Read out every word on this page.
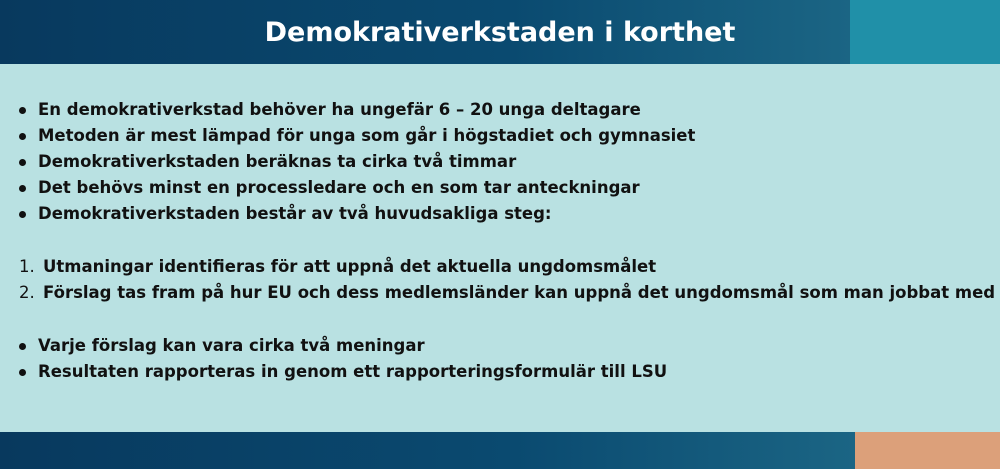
Demokrativerkstaden i korthet
En demokrativerkstad behöver ha ungefär 6 – 20 unga deltagare
Metoden är mest lämpad för unga som går i högstadiet och gymnasiet
Demokrativerkstaden beräknas ta cirka två timmar
Det behövs minst en processledare och en som tar anteckningar
Demokrativerkstaden består av två huvudsakliga steg:
1. Utmaningar identifieras för att uppnå det aktuella ungdomsmålet
2. Förslag tas fram på hur EU och dess medlemsländer kan uppnå det ungdomsmål som man jobbat med
Varje förslag kan vara cirka två meningar
Resultaten rapporteras in genom ett rapporteringsformulär till LSU
